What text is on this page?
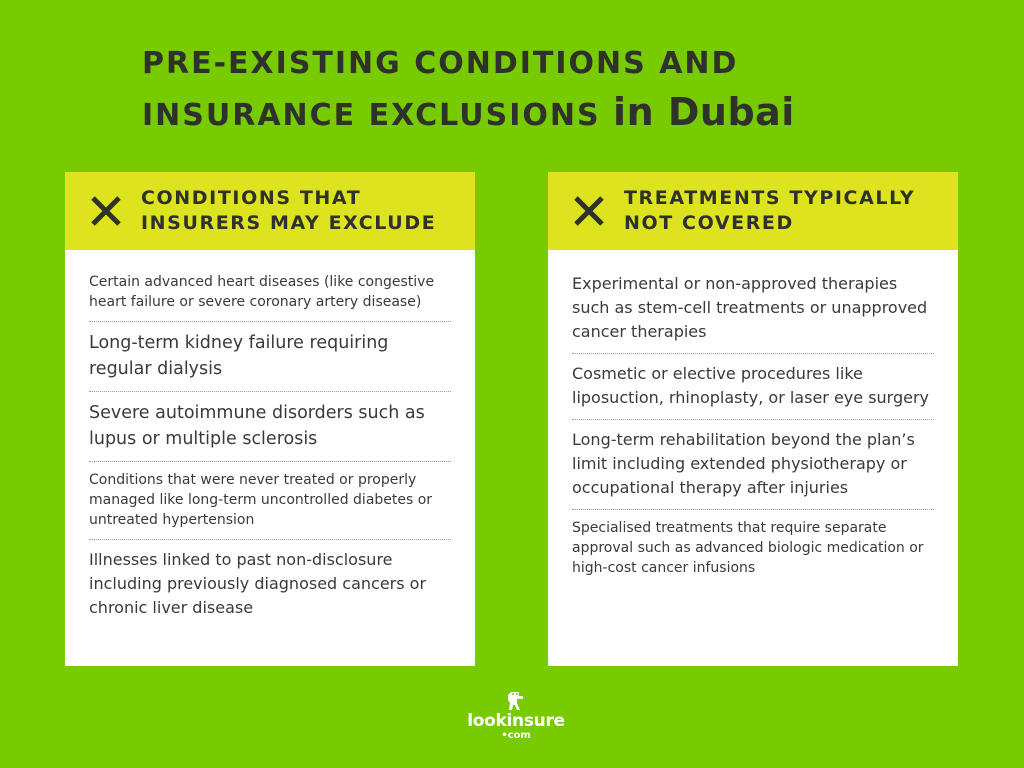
PRE-EXISTING CONDITIONS AND
INSURANCE EXCLUSIONS in Dubai
CONDITIONS THAT
INSURERS MAY EXCLUDE
Certain advanced heart diseases (like congestive heart failure or severe coronary artery disease)
Long-term kidney failure requiring regular dialysis
Severe autoimmune disorders such as lupus or multiple sclerosis
Conditions that were never treated or properly managed like long-term uncontrolled diabetes or untreated hypertension
Illnesses linked to past non-disclosure including previously diagnosed cancers or chronic liver disease
TREATMENTS TYPICALLY
NOT COVERED
Experimental or non-approved therapies such as stem-cell treatments or unapproved cancer therapies
Cosmetic or elective procedures like liposuction, rhinoplasty, or laser eye surgery
Long-term rehabilitation beyond the plan’s limit including extended physiotherapy or occupational therapy after injuries
Specialised treatments that require separate approval such as advanced biologic medication or high-cost cancer infusions
lookinsure
•com
